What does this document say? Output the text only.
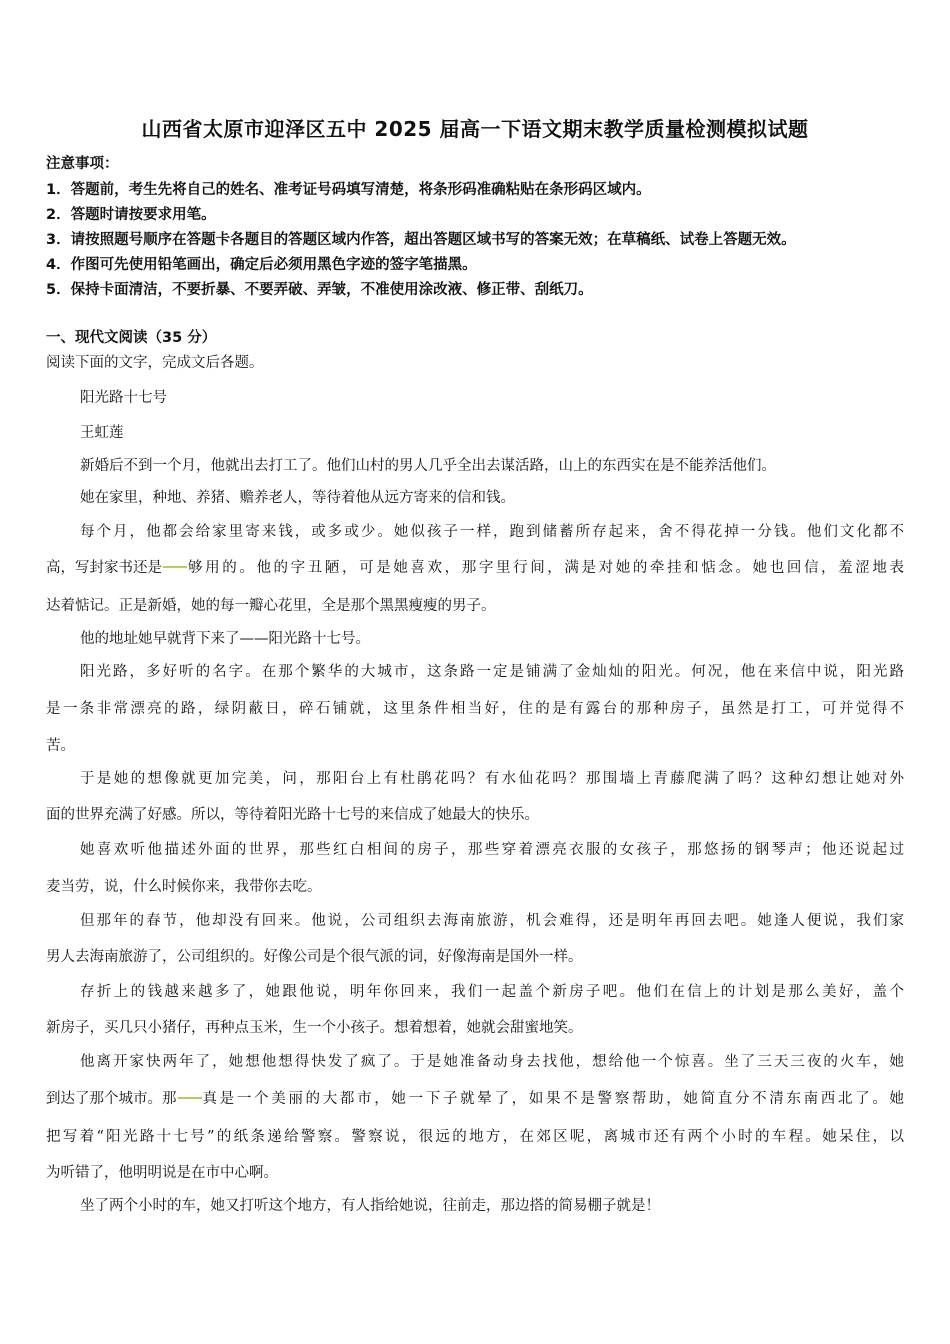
山西省太原市迎泽区五中 2025 届高一下语文期末教学质量检测模拟试题
注意事项：
1．答题前，考生先将自己的姓名、准考证号码填写清楚，将条形码准确粘贴在条形码区域内。
2．答题时请按要求用笔。
3．请按照题号顺序在答题卡各题目的答题区域内作答，超出答题区域书写的答案无效；在草稿纸、试卷上答题无效。
4．作图可先使用铅笔画出，确定后必须用黑色字迹的签字笔描黑。
5．保持卡面清洁，不要折暴、不要弄破、弄皱，不准使用涂改液、修正带、刮纸刀。
一、现代文阅读（35 分）
阅读下面的文字，完成文后各题。
阳光路十七号
王虹莲
新婚后不到一个月，他就出去打工了。他们山村的男人几乎全出去谋活路，山上的东西实在是不能养活他们。
她在家里，种地、养猪、赡养老人，等待着他从远方寄来的信和钱。
每个月，他都会给家里寄来钱，或多或少。她似孩子一样，跑到储蓄所存起来，舍不得花掉一分钱。他们文化都不
高，写封家书还是 够用的。他的字丑陋，可是她喜欢，那字里行间，满是对她的牵挂和惦念。她也回信，羞涩地表
达着惦记。正是新婚，她的每一瓣心花里，全是那个黑黑瘦瘦的男子。
他的地址她早就背下来了——阳光路十七号。
阳光路，多好听的名字。在那个繁华的大城市，这条路一定是铺满了金灿灿的阳光。何况，他在来信中说，阳光路
是一条非常漂亮的路，绿阴蔽日，碎石铺就，这里条件相当好，住的是有露台的那种房子，虽然是打工，可并觉得不
苦。
于是她的想像就更加完美，问，那阳台上有杜鹃花吗？有水仙花吗？那围墙上青藤爬满了吗？这种幻想让她对外
面的世界充满了好感。所以，等待着阳光路十七号的来信成了她最大的快乐。
她喜欢听他描述外面的世界，那些红白相间的房子，那些穿着漂亮衣服的女孩子，那悠扬的钢琴声；他还说起过
麦当劳，说，什么时候你来，我带你去吃。
但那年的春节，他却没有回来。他说，公司组织去海南旅游，机会难得，还是明年再回去吧。她逢人便说，我们家
男人去海南旅游了，公司组织的。好像公司是个很气派的词，好像海南是国外一样。
存折上的钱越来越多了，她跟他说，明年你回来，我们一起盖个新房子吧。他们在信上的计划是那么美好，盖个
新房子，买几只小猪仔，再种点玉米，生一个小孩子。想着想着，她就会甜蜜地笑。
他离开家快两年了，她想他想得快发了疯了。于是她准备动身去找他，想给他一个惊喜。坐了三天三夜的火车，她
到达了那个城市。那 真是一个美丽的大都市，她一下子就晕了，如果不是警察帮助，她简直分不清东南西北了。她
把写着“阳光路十七号”的纸条递给警察。警察说，很远的地方，在郊区呢，离城市还有两个小时的车程。她呆住，以
为听错了，他明明说是在市中心啊。
坐了两个小时的车，她又打听这个地方，有人指给她说，往前走，那边搭的简易棚子就是！
